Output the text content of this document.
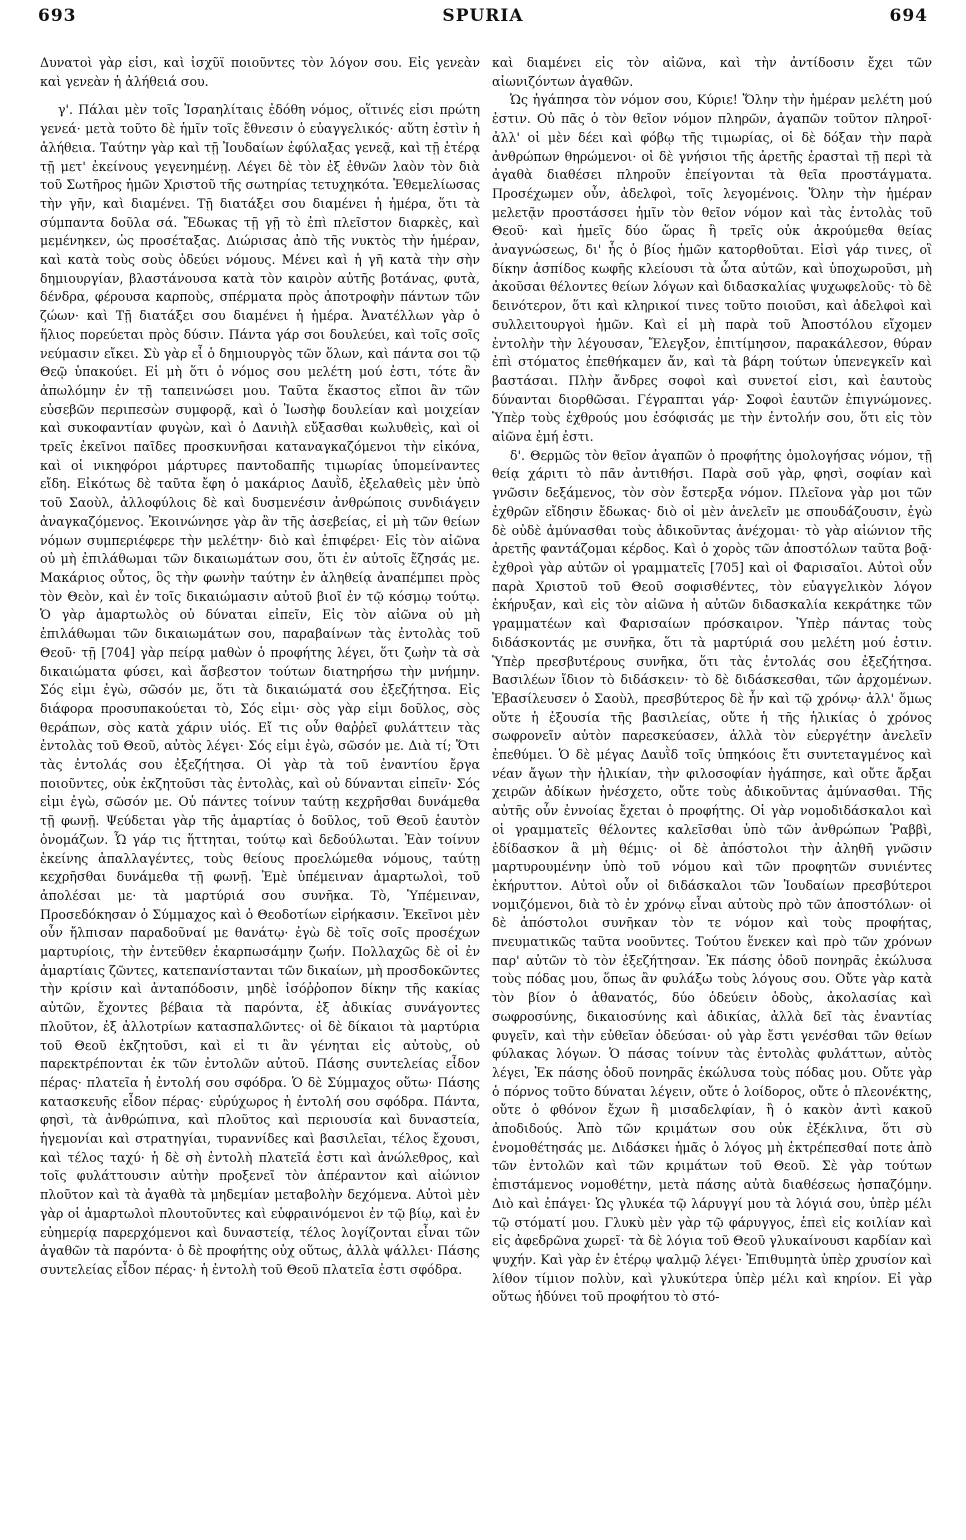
693	SPURIA	694

Δυνατοὶ γὰρ εἰσι, καὶ ἰσχῦϊ ποιοῦντες τὸν λόγον σου. Εἰς γενεὰν καὶ γενεὰν ἡ ἀλήθειά σου.

γ'. Πάλαι μὲν τοῖς Ἰσραηλίταις ἐδόθη νόμος, οἵτινές εἰσι πρώτη γενεά· μετὰ τοῦτο δὲ ἡμῖν τοῖς ἔθνεσιν ὁ εὐαγγελικός· αὕτη ἐστὶν ἡ ἀλήθεια. Ταύτην γὰρ καὶ τῇ Ἰουδαίων ἐφύλαξας γενεᾷ, καὶ τῇ ἑτέρᾳ τῇ μετ' ἐκείνους γεγενημένῃ. Λέγει δὲ τὸν ἐξ ἐθνῶν λαὸν τὸν διὰ τοῦ Σωτῆρος ἡμῶν Χριστοῦ τῆς σωτηρίας τετυχηκότα. Ἐθεμελίωσας τὴν γῆν, καὶ διαμένει. Τῇ διατάξει σου διαμένει ἡ ἡμέρα, ὅτι τὰ σύμπαντα δοῦλα σά. Ἔδωκας τῇ γῇ τὸ ἐπὶ πλεῖστον διαρκὲς, καὶ μεμένηκεν, ὡς προσέταξας. Διώρισας ἀπὸ τῆς νυκτὸς τὴν ἡμέραν, καὶ κατὰ τοὺς σοὺς ὁδεύει νόμους. Μένει καὶ ἡ γῆ κατὰ τὴν σὴν δημιουργίαν, βλαστάνουσα κατὰ τὸν καιρὸν αὐτῆς βοτάνας, φυτὰ, δένδρα, φέρουσα καρποὺς, σπέρματα πρὸς ἀποτροφὴν πάντων τῶν ζώων· καὶ Τῇ διατάξει σου διαμένει ἡ ἡμέρα. Ἀνατέλλων γὰρ ὁ ἥλιος πορεύεται πρὸς δύσιν. Πάντα γάρ σοι δουλεύει, καὶ τοῖς σοῖς νεύμασιν εἴκει. Σὺ γὰρ εἶ ὁ δημιουργὸς τῶν ὅλων, καὶ πάντα σοι τῷ Θεῷ ὑπακούει. Εἰ μὴ ὅτι ὁ νόμος σου μελέτη μού ἐστι, τότε ἂν ἀπωλόμην ἐν τῇ ταπεινώσει μου. Ταῦτα ἕκαστος εἴποι ἂν τῶν εὐσεβῶν περιπεσὼν συμφορᾷ, καὶ ὁ Ἰωσὴφ δουλείαν καὶ μοιχείαν καὶ συκοφαντίαν φυγὼν, καὶ ὁ Δανιὴλ εὔξασθαι κωλυθεὶς, καὶ οἱ τρεῖς ἐκεῖνοι παῖδες προσκυνῆσαι καταναγκαζόμενοι τὴν εἰκόνα, καὶ οἱ νικηφόροι μάρτυρες παντοδαπῆς τιμωρίας ὑπομείναντες εἴδη. Εἰκότως δὲ ταῦτα ἔφη ὁ μακάριος Δαυῒδ, ἐξελαθεὶς μὲν ὑπὸ τοῦ Σαοὺλ, ἀλλοφύλοις δὲ καὶ δυσμενέσιν ἀνθρώποις συνδιάγειν ἀναγκαζόμενος. Ἐκοινώνησε γὰρ ἂν τῆς ἀσεβείας, εἰ μὴ τῶν θείων νόμων συμπεριέφερε τὴν μελέτην· διὸ καὶ ἐπιφέρει· Εἰς τὸν αἰῶνα οὐ μὴ ἐπιλάθωμαι τῶν δικαιωμάτων σου, ὅτι ἐν αὐτοῖς ἔζησάς με. Μακάριος οὗτος, ὃς τὴν φωνὴν ταύτην ἐν ἀληθείᾳ ἀναπέμπει πρὸς τὸν Θεὸν, καὶ ἐν τοῖς δικαιώμασιν αὐτοῦ βιοῖ ἐν τῷ κόσμῳ τούτῳ. Ὁ γὰρ ἁμαρτωλὸς οὐ δύναται εἰπεῖν, Εἰς τὸν αἰῶνα οὐ μὴ ἐπιλάθωμαι τῶν δικαιωμάτων σου, παραβαίνων τὰς ἐντολὰς τοῦ Θεοῦ· τῇ [704] γὰρ πείρᾳ μαθὼν ὁ προφήτης λέγει, ὅτι ζωὴν τὰ σὰ δικαιώματα φύσει, καὶ ἄσβεστον τούτων διατηρήσω τὴν μνήμην. Σός εἰμι ἐγὼ, σῶσόν με, ὅτι τὰ δικαιώματά σου ἐξεζήτησα. Εἰς διάφορα προσυπακούεται τὸ, Σός εἰμι· σὸς γὰρ εἰμι δοῦλος, σὸς θεράπων, σὸς κατὰ χάριν υἱός. Εἴ τις οὖν θαῤῥεῖ φυλάττειν τὰς ἐντολὰς τοῦ Θεοῦ, αὐτὸς λέγει· Σός εἰμι ἐγὼ, σῶσόν με. Διὰ τί; Ὅτι τὰς ἐντολάς σου ἐξεζήτησα. Οἱ γὰρ τὰ τοῦ ἐναντίου ἔργα ποιοῦντες, οὐκ ἐκζητοῦσι τὰς ἐντολὰς, καὶ οὐ δύνανται εἰπεῖν· Σός εἰμι ἐγὼ, σῶσόν με. Οὐ πάντες τοίνυν ταύτῃ κεχρῆσθαι δυνάμεθα τῇ φωνῇ. Ψεύδεται γὰρ τῆς ἁμαρτίας ὁ δοῦλος, τοῦ Θεοῦ ἑαυτὸν ὀνομάζων. Ὧ γάρ τις ἥττηται, τούτῳ καὶ δεδούλωται. Ἐὰν τοίνυν ἐκείνης ἀπαλλαγέντες, τοὺς θείους προελώμεθα νόμους, ταύτῃ κεχρῆσθαι δυνάμεθα τῇ φωνῇ. Ἐμὲ ὑπέμειναν ἁμαρτωλοὶ, τοῦ ἀπολέσαι με· τὰ μαρτύριά σου συνῆκα. Τὸ, Ὑπέμειναν, Προσεδόκησαν ὁ Σύμμαχος καὶ ὁ Θεοδοτίων εἰρήκασιν. Ἐκεῖνοι μὲν οὖν ἤλπισαν παραδοῦναί με θανάτῳ· ἐγὼ δὲ τοῖς σοῖς προσέχων μαρτυρίοις, τὴν ἐντεῦθεν ἐκαρπωσάμην ζωήν. Πολλαχῶς δὲ οἱ ἐν ἁμαρτίαις ζῶντες, κατεπανίστανται τῶν δικαίων, μὴ προσδοκῶντες τὴν κρίσιν καὶ ἀνταπόδοσιν, μηδὲ ἰσόῤῥοπον δίκην τῆς κακίας αὐτῶν, ἔχοντες βέβαια τὰ παρόντα, ἐξ ἀδικίας συνάγοντες πλοῦτον, ἐξ ἀλλοτρίων κατασπαλῶντες· οἱ δὲ δίκαιοι τὰ μαρτύρια τοῦ Θεοῦ ἐκζητοῦσι, καὶ εἰ τι ἂν γένηται εἰς αὐτοὺς, οὐ παρεκτρέπονται ἐκ τῶν ἐντολῶν αὐτοῦ. Πάσης συντελείας εἶδον πέρας· πλατεῖα ἡ ἐντολή σου σφόδρα. Ὁ δὲ Σύμμαχος οὕτω· Πάσης κατασκευῆς εἶδον πέρας· εὐρύχωρος ἡ ἐντολή σου σφόδρα. Πάντα, φησὶ, τὰ ἀνθρώπινα, καὶ πλοῦτος καὶ περιουσία καὶ δυναστεία, ἡγεμονίαι καὶ στρατηγίαι, τυραννίδες καὶ βασιλεῖαι, τέλος ἔχουσι, καὶ τέλος ταχύ· ἡ δὲ σὴ ἐντολὴ πλατεῖά ἐστι καὶ ἀνώλεθρος, καὶ τοῖς φυλάττουσιν αὐτὴν προξενεῖ τὸν ἀπέραντον καὶ αἰώνιον πλοῦτον καὶ τὰ ἀγαθὰ τὰ μηδεμίαν μεταβολὴν δεχόμενα. Αὐτοὶ μὲν γὰρ οἱ ἁμαρτωλοὶ πλουτοῦντες καὶ εὐφραινόμενοι ἐν τῷ βίῳ, καὶ ἐν εὐημερίᾳ παρερχόμενοι καὶ δυναστείᾳ, τέλος λογίζονται εἶναι τῶν ἀγαθῶν τὰ παρόντα· ὁ δὲ προφήτης οὐχ οὕτως, ἀλλὰ ψάλλει· Πάσης συντελείας εἶδον πέρας· ἡ ἐντολὴ τοῦ Θεοῦ πλατεῖα ἐστι σφόδρα.

καὶ διαμένει εἰς τὸν αἰῶνα, καὶ τὴν ἀντίδοσιν ἔχει τῶν αἰωνιζόντων ἀγαθῶν.

Ὡς ἠγάπησα τὸν νόμον σου, Κύριε! Ὅλην τὴν ἡμέραν μελέτη μού ἐστιν. Οὐ πᾶς ὁ τὸν θεῖον νόμον πληρῶν, ἀγαπῶν τοῦτον πληροῖ· ἀλλ' οἱ μὲν δέει καὶ φόβῳ τῆς τιμωρίας, οἱ δὲ δόξαν τὴν παρὰ ἀνθρώπων θηρώμενοι· οἱ δὲ γνήσιοι τῆς ἀρετῆς ἐρασταὶ τῇ περὶ τὰ ἀγαθὰ διαθέσει πληροῦν ἐπείγονται τὰ θεῖα προστάγματα. Προσέχωμεν οὖν, ἀδελφοὶ, τοῖς λεγομένοις. Ὅλην τὴν ἡμέραν μελετᾷν προστάσσει ἡμῖν τὸν θεῖον νόμον καὶ τὰς ἐντολὰς τοῦ Θεοῦ· καὶ ἡμεῖς δύο ὥρας ἢ τρεῖς οὐκ ἀκρούμεθα θείας ἀναγνώσεως, δι' ἧς ὁ βίος ἡμῶν κατορθοῦται. Εἰσὶ γάρ τινες, οἳ δίκην ἀσπίδος κωφῆς κλείουσι τὰ ὦτα αὐτῶν, καὶ ὑποχωροῦσι, μὴ ἀκοῦσαι θέλοντες θείων λόγων καὶ διδασκαλίας ψυχωφελοῦς· τὸ δὲ δεινότερον, ὅτι καὶ κληρικοί τινες τοῦτο ποιοῦσι, καὶ ἀδελφοὶ καὶ συλλειτουργοὶ ἡμῶν. Καὶ εἰ μὴ παρὰ τοῦ Ἀποστόλου εἴχομεν ἐντολὴν τὴν λέγουσαν, Ἔλεγξον, ἐπιτίμησον, παρακάλεσον, θύραν ἐπὶ στόματος ἐπεθήκαμεν ἄν, καὶ τὰ βάρη τούτων ὑπενεγκεῖν καὶ βαστάσαι. Πλὴν ἄνδρες σοφοὶ καὶ συνετοί εἰσι, καὶ ἑαυτοὺς δύνανται διορθῶσαι. Γέγραπται γάρ· Σοφοὶ ἑαυτῶν ἐπιγνώμονες. Ὑπὲρ τοὺς ἐχθρούς μου ἐσόφισάς με τὴν ἐντολήν σου, ὅτι εἰς τὸν αἰῶνα ἐμή ἐστι.

δ'. Θερμῶς τὸν θεῖον ἀγαπῶν ὁ προφήτης ὁμολογήσας νόμον, τῇ θείᾳ χάριτι τὸ πᾶν ἀντιθήσι. Παρὰ σοῦ γὰρ, φησὶ, σοφίαν καὶ γνῶσιν δεξάμενος, τὸν σὸν ἔστερξα νόμον. Πλεῖονα γὰρ μοι τῶν ἐχθρῶν εἴδησιν ἔδωκας· διὸ οἱ μὲν ἀνελεῖν με σπουδάζουσιν, ἐγὼ δὲ οὐδὲ ἀμύνασθαι τοὺς ἀδικοῦντας ἀνέχομαι· τὸ γὰρ αἰώνιον τῆς ἀρετῆς φαντάζομαι κέρδος. Καὶ ὁ χορὸς τῶν ἀποστόλων ταῦτα βοᾷ· ἐχθροὶ γὰρ αὐτῶν οἱ γραμματεῖς [705] καὶ οἱ Φαρισαῖοι. Αὐτοὶ οὖν παρὰ Χριστοῦ τοῦ Θεοῦ σοφισθέντες, τὸν εὐαγγελικὸν λόγον ἐκήρυξαν, καὶ εἰς τὸν αἰῶνα ἡ αὐτῶν διδασκαλία κεκράτηκε τῶν γραμματέων καὶ Φαρισαίων πρόσκαιρον. Ὑπὲρ πάντας τοὺς διδάσκοντάς με συνῆκα, ὅτι τὰ μαρτύριά σου μελέτη μού ἐστιν. Ὑπὲρ πρεσβυτέρους συνῆκα, ὅτι τὰς ἐντολάς σου ἐξεζήτησα. Βασιλέων ἴδιον τὸ διδάσκειν· τὸ δὲ διδάσκεσθαι, τῶν ἀρχομένων. Ἐβασίλευσεν ὁ Σαοὺλ, πρεσβύτερος δὲ ἦν καὶ τῷ χρόνῳ· ἀλλ' ὅμως οὔτε ἡ ἐξουσία τῆς βασιλείας, οὔτε ἡ τῆς ἡλικίας ὁ χρόνος σωφρονεῖν αὐτὸν παρεσκεύασεν, ἀλλὰ τὸν εὐεργέτην ἀνελεῖν ἐπεθύμει. Ὁ δὲ μέγας Δαυῒδ τοῖς ὑπηκόοις ἔτι συντεταγμένος καὶ νέαν ἄγων τὴν ἡλικίαν, τὴν φιλοσοφίαν ἠγάπησε, καὶ οὔτε ἄρξαι χειρῶν ἀδίκων ἠνέσχετο, οὔτε τοὺς ἀδικοῦντας ἀμύνασθαι. Τῆς αὐτῆς οὖν ἐννοίας ἔχεται ὁ προφήτης. Οἱ γὰρ νομοδιδάσκαλοι καὶ οἱ γραμματεῖς θέλοντες καλεῖσθαι ὑπὸ τῶν ἀνθρώπων Ῥαββὶ, ἐδίδασκον ἃ μὴ θέμις· οἱ δὲ ἀπόστολοι τὴν ἀληθῆ γνῶσιν μαρτυρουμένην ὑπὸ τοῦ νόμου καὶ τῶν προφητῶν συνιέντες ἐκήρυττον. Αὐτοὶ οὖν οἱ διδάσκαλοι τῶν Ἰουδαίων πρεσβύτεροι νομιζόμενοι, διὰ τὸ ἐν χρόνῳ εἶναι αὐτοὺς πρὸ τῶν ἀποστόλων· οἱ δὲ ἀπόστολοι συνῆκαν τὸν τε νόμον καὶ τοὺς προφήτας, πνευματικῶς ταῦτα νοοῦντες. Τούτου ἕνεκεν καὶ πρὸ τῶν χρόνων παρ' αὐτῶν τὸ τὸν ἐξεζήτησαν. Ἐκ πάσης ὁδοῦ πονηρᾶς ἐκώλυσα τοὺς πόδας μου, ὅπως ἂν φυλάξω τοὺς λόγους σου. Οὔτε γὰρ κατὰ τὸν βίον ὁ ἀθανατός, δύο ὁδεύειν ὁδοὺς, ἀκολασίας καὶ σωφροσύνης, δικαιοσύνης καὶ ἀδικίας, ἀλλὰ δεῖ τὰς ἐναντίας φυγεῖν, καὶ τὴν εὐθεῖαν ὁδεύσαι· οὐ γὰρ ἔστι γενέσθαι τῶν θείων φύλακας λόγων. Ὁ πάσας τοίνυν τὰς ἐντολὰς φυλάττων, αὐτὸς λέγει, Ἐκ πάσης ὁδοῦ πονηρᾶς ἐκώλυσα τοὺς πόδας μου. Οὔτε γὰρ ὁ πόρνος τοῦτο δύναται λέγειν, οὔτε ὁ λοίδορος, οὔτε ὁ πλεονέκτης, οὔτε ὁ φθόνον ἔχων ἢ μισαδελφίαν, ἢ ὁ κακὸν ἀντὶ κακοῦ ἀποδιδούς. Ἀπὸ τῶν κριμάτων σου οὐκ ἐξέκλινα, ὅτι σὺ ἐνομοθέτησάς με. Διδάσκει ἡμᾶς ὁ λόγος μὴ ἐκτρέπεσθαί ποτε ἀπὸ τῶν ἐντολῶν καὶ τῶν κριμάτων τοῦ Θεοῦ. Σὲ γὰρ τούτων ἐπιστάμενος νομοθέτην, μετὰ πάσης αὐτὰ διαθέσεως ἠσπαζόμην. Διὸ καὶ ἐπάγει· Ὡς γλυκέα τῷ λάρυγγί μου τὰ λόγιά σου, ὑπὲρ μέλι τῷ στόματί μου. Γλυκὺ μὲν γὰρ τῷ φάρυγγος, ἐπεὶ εἰς κοιλίαν καὶ εἰς ἀφεδρῶνα χωρεῖ· τὰ δὲ λόγια τοῦ Θεοῦ γλυκαίνουσι καρδίαν καὶ ψυχήν. Καὶ γὰρ ἐν ἑτέρῳ ψαλμῷ λέγει· Ἐπιθυμητὰ ὑπὲρ χρυσίον καὶ λίθον τίμιον πολὺν, καὶ γλυκύτερα ὑπὲρ μέλι καὶ κηρίον. Εἰ γὰρ οὕτως ἡδύνει τοῦ προφήτου τὸ στό-
